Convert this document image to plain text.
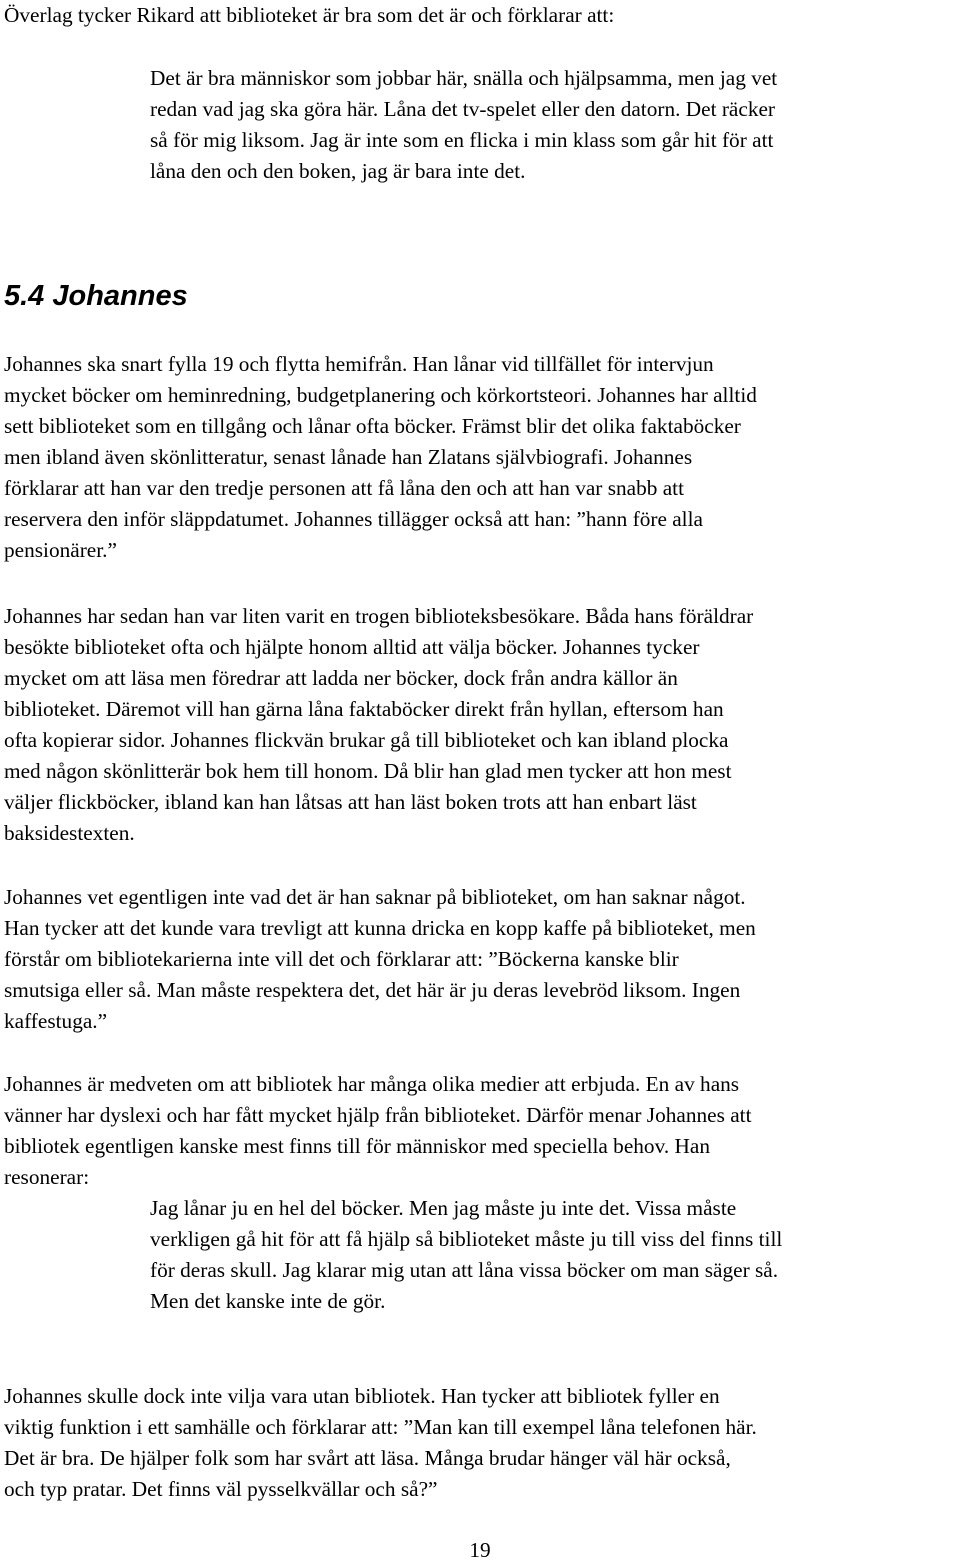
Överlag tycker Rikard att biblioteket är bra som det är och förklarar att:

Det är bra människor som jobbar här, snälla och hjälpsamma, men jag vet
redan vad jag ska göra här. Låna det tv-spelet eller den datorn. Det räcker
så för mig liksom. Jag är inte som en flicka i min klass som går hit för att
låna den och den boken, jag är bara inte det.
5.4 Johannes

Johannes ska snart fylla 19 och flytta hemifrån. Han lånar vid tillfället för intervjun
mycket böcker om heminredning, budgetplanering och körkortsteori. Johannes har alltid
sett biblioteket som en tillgång och lånar ofta böcker. Främst blir det olika faktaböcker
men ibland även skönlitteratur, senast lånade han Zlatans självbiografi. Johannes
förklarar att han var den tredje personen att få låna den och att han var snabb att
reservera den inför släppdatumet. Johannes tillägger också att han: ”hann före alla
pensionärer.”

Johannes har sedan han var liten varit en trogen biblioteksbesökare. Båda hans föräldrar
besökte biblioteket ofta och hjälpte honom alltid att välja böcker. Johannes tycker
mycket om att läsa men föredrar att ladda ner böcker, dock från andra källor än
biblioteket. Däremot vill han gärna låna faktaböcker direkt från hyllan, eftersom han
ofta kopierar sidor. Johannes flickvän brukar gå till biblioteket och kan ibland plocka
med någon skönlitterär bok hem till honom. Då blir han glad men tycker att hon mest
väljer flickböcker, ibland kan han låtsas att han läst boken trots att han enbart läst
baksidestexten.

Johannes vet egentligen inte vad det är han saknar på biblioteket, om han saknar något.
Han tycker att det kunde vara trevligt att kunna dricka en kopp kaffe på biblioteket, men
förstår om bibliotekarierna inte vill det och förklarar att: ”Böckerna kanske blir
smutsiga eller så. Man måste respektera det, det här är ju deras levebröd liksom. Ingen
kaffestuga.”

Johannes är medveten om att bibliotek har många olika medier att erbjuda. En av hans
vänner har dyslexi och har fått mycket hjälp från biblioteket. Därför menar Johannes att
bibliotek egentligen kanske mest finns till för människor med speciella behov. Han
resonerar:

Jag lånar ju en hel del böcker. Men jag måste ju inte det. Vissa måste
verkligen gå hit för att få hjälp så biblioteket måste ju till viss del finns till
för deras skull. Jag klarar mig utan att låna vissa böcker om man säger så.
Men det kanske inte de gör.

Johannes skulle dock inte vilja vara utan bibliotek. Han tycker att bibliotek fyller en
viktig funktion i ett samhälle och förklarar att: ”Man kan till exempel låna telefonen här.
Det är bra. De hjälper folk som har svårt att läsa. Många brudar hänger väl här också,
och typ pratar. Det finns väl pysselkvällar och så?”

19
